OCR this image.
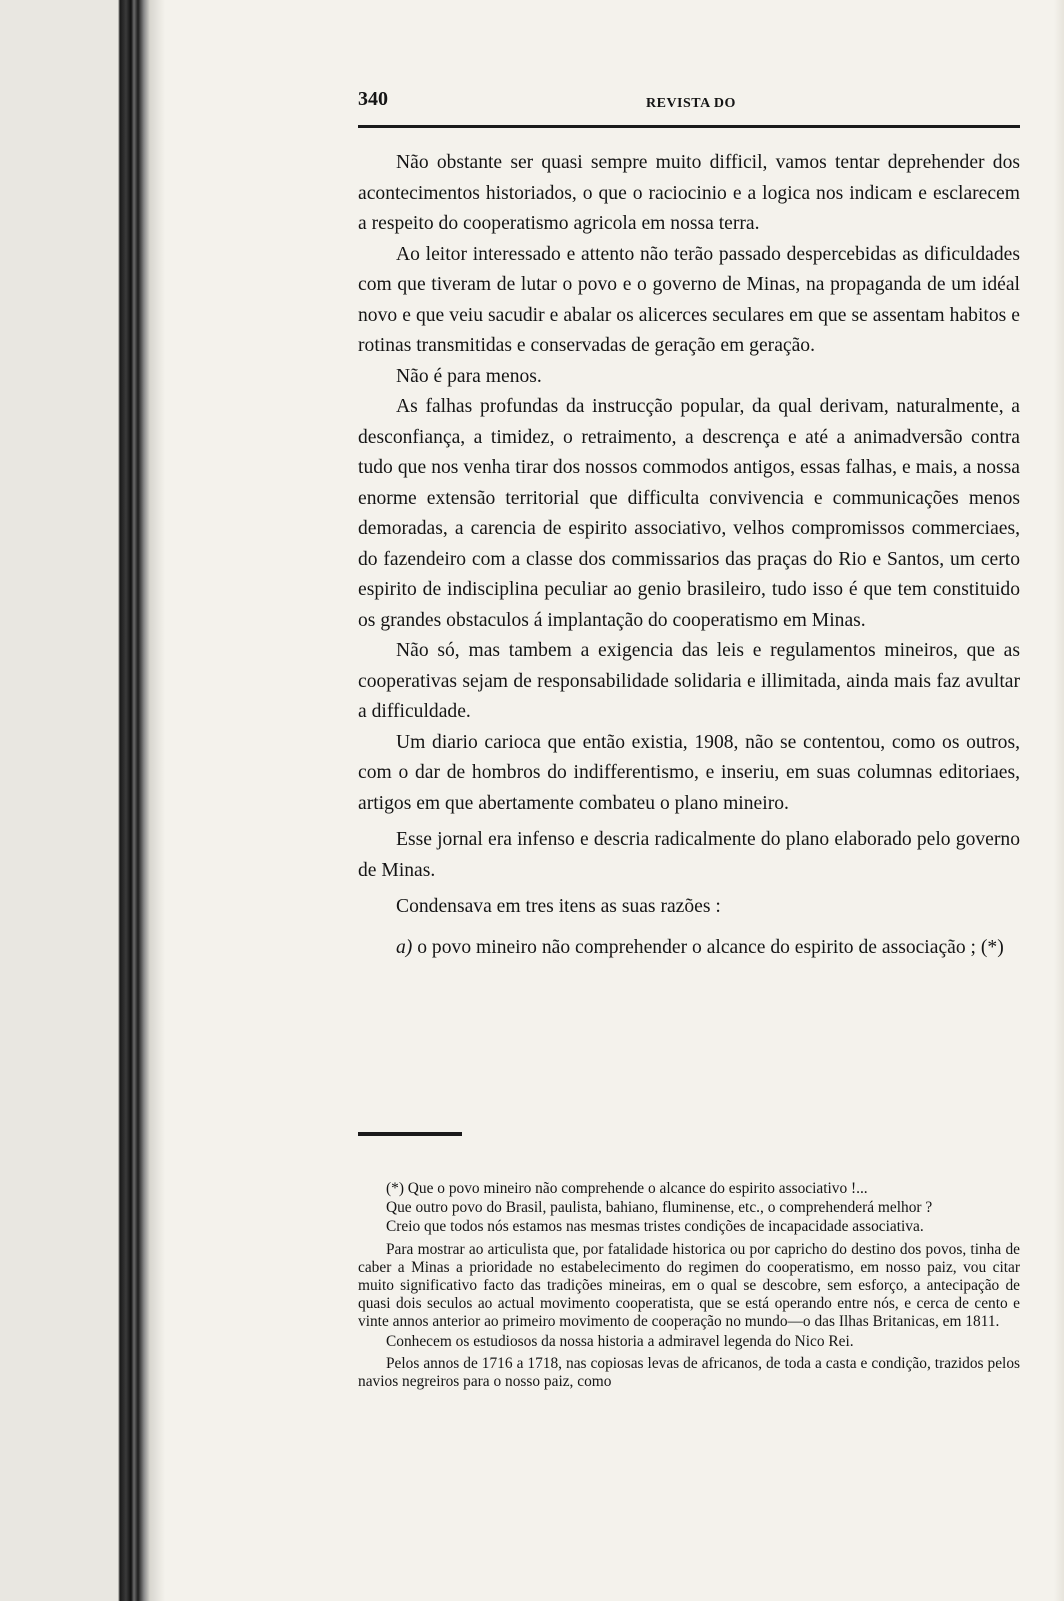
340	REVISTA DO

Não obstante ser quasi sempre muito difficil, vamos tentar deprehender dos acontecimentos historiados, o que o raciocinio e a logica nos indicam e esclarecem a respeito do cooperatismo agricola em nossa terra.

Ao leitor interessado e attento não terão passado despercebidas as dificuldades com que tiveram de lutar o povo e o governo de Minas, na propaganda de um idéal novo e que veiu sacudir e abalar os alicerces seculares em que se assentam habitos e rotinas transmitidas e conservadas de geração em geração.

Não é para menos.

As falhas profundas da instrucção popular, da qual derivam, naturalmente, a desconfiança, a timidez, o retraimento, a descrença e até a animadversão contra tudo que nos venha tirar dos nossos commodos antigos, essas falhas, e mais, a nossa enorme extensão territorial que difficulta convivencia e communicações menos demoradas, a carencia de espirito associativo, velhos compromissos commerciaes, do fazendeiro com a classe dos commissarios das praças do Rio e Santos, um certo espirito de indisciplina peculiar ao genio brasileiro, tudo isso é que tem constituido os grandes obstaculos á implantação do cooperatismo em Minas.

Não só, mas tambem a exigencia das leis e regulamentos mineiros, que as cooperativas sejam de responsabilidade solidaria e illimitada, ainda mais faz avultar a difficuldade.

Um diario carioca que então existia, 1908, não se contentou, como os outros, com o dar de hombros do indifferentismo, e inseriu, em suas columnas editoriaes, artigos em que abertamente combateu o plano mineiro.

Esse jornal era infenso e descria radicalmente do plano elaborado pelo governo de Minas.

Condensava em tres itens as suas razões :

a) o povo mineiro não comprehender o alcance do espirito de associação ; (*)

(*) Que o povo mineiro não comprehende o alcance do espirito associativo !...

Que outro povo do Brasil, paulista, bahiano, fluminense, etc., o comprehenderá melhor ?

Creio que todos nós estamos nas mesmas tristes condições de incapacidade associativa.

Para mostrar ao articulista que, por fatalidade historica ou por capricho do destino dos povos, tinha de caber a Minas a prioridade no estabelecimento do regimen do cooperatismo, em nosso paiz, vou citar muito significativo facto das tradições mineiras, em o qual se descobre, sem esforço, a antecipação de quasi dois seculos ao actual movimento cooperatista, que se está operando entre nós, e cerca de cento e vinte annos anterior ao primeiro movimento de cooperação no mundo—o das Ilhas Britanicas, em 1811.

Conhecem os estudiosos da nossa historia a admiravel legenda do Nico Rei.

Pelos annos de 1716 a 1718, nas copiosas levas de africanos, de toda a casta e condição, trazidos pelos navios negreiros para o nosso paiz, como
